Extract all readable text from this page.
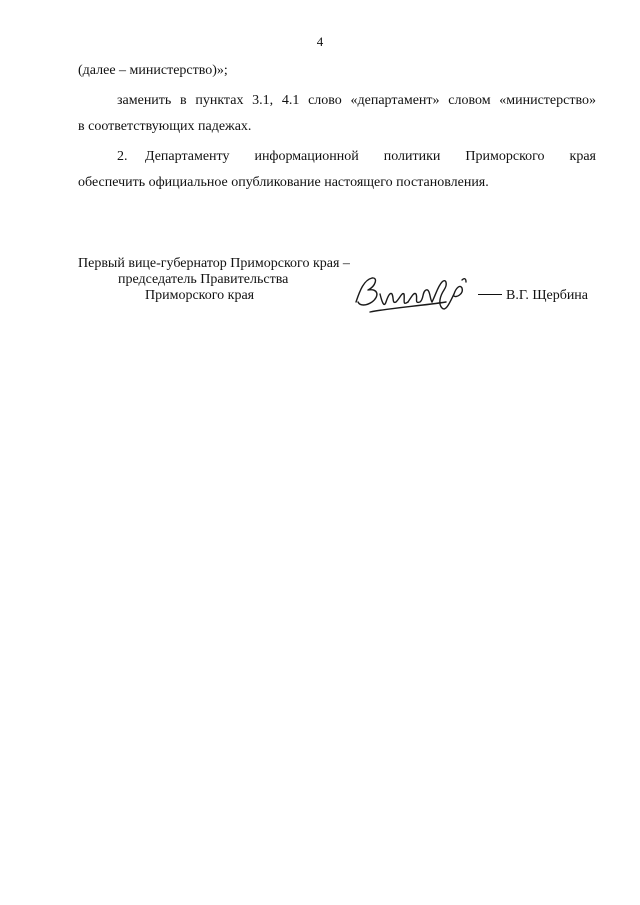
4
(далее – министерство)»;
заменить в пунктах 3.1, 4.1 слово «департамент» словом «министерство»
в соответствующих падежах.
2. Департаменту информационной политики Приморского края
обеспечить официальное опубликование настоящего постановления.
Первый вице-губернатор Приморского края –
председатель Правительства
Приморского края	В.Г. Щербина
